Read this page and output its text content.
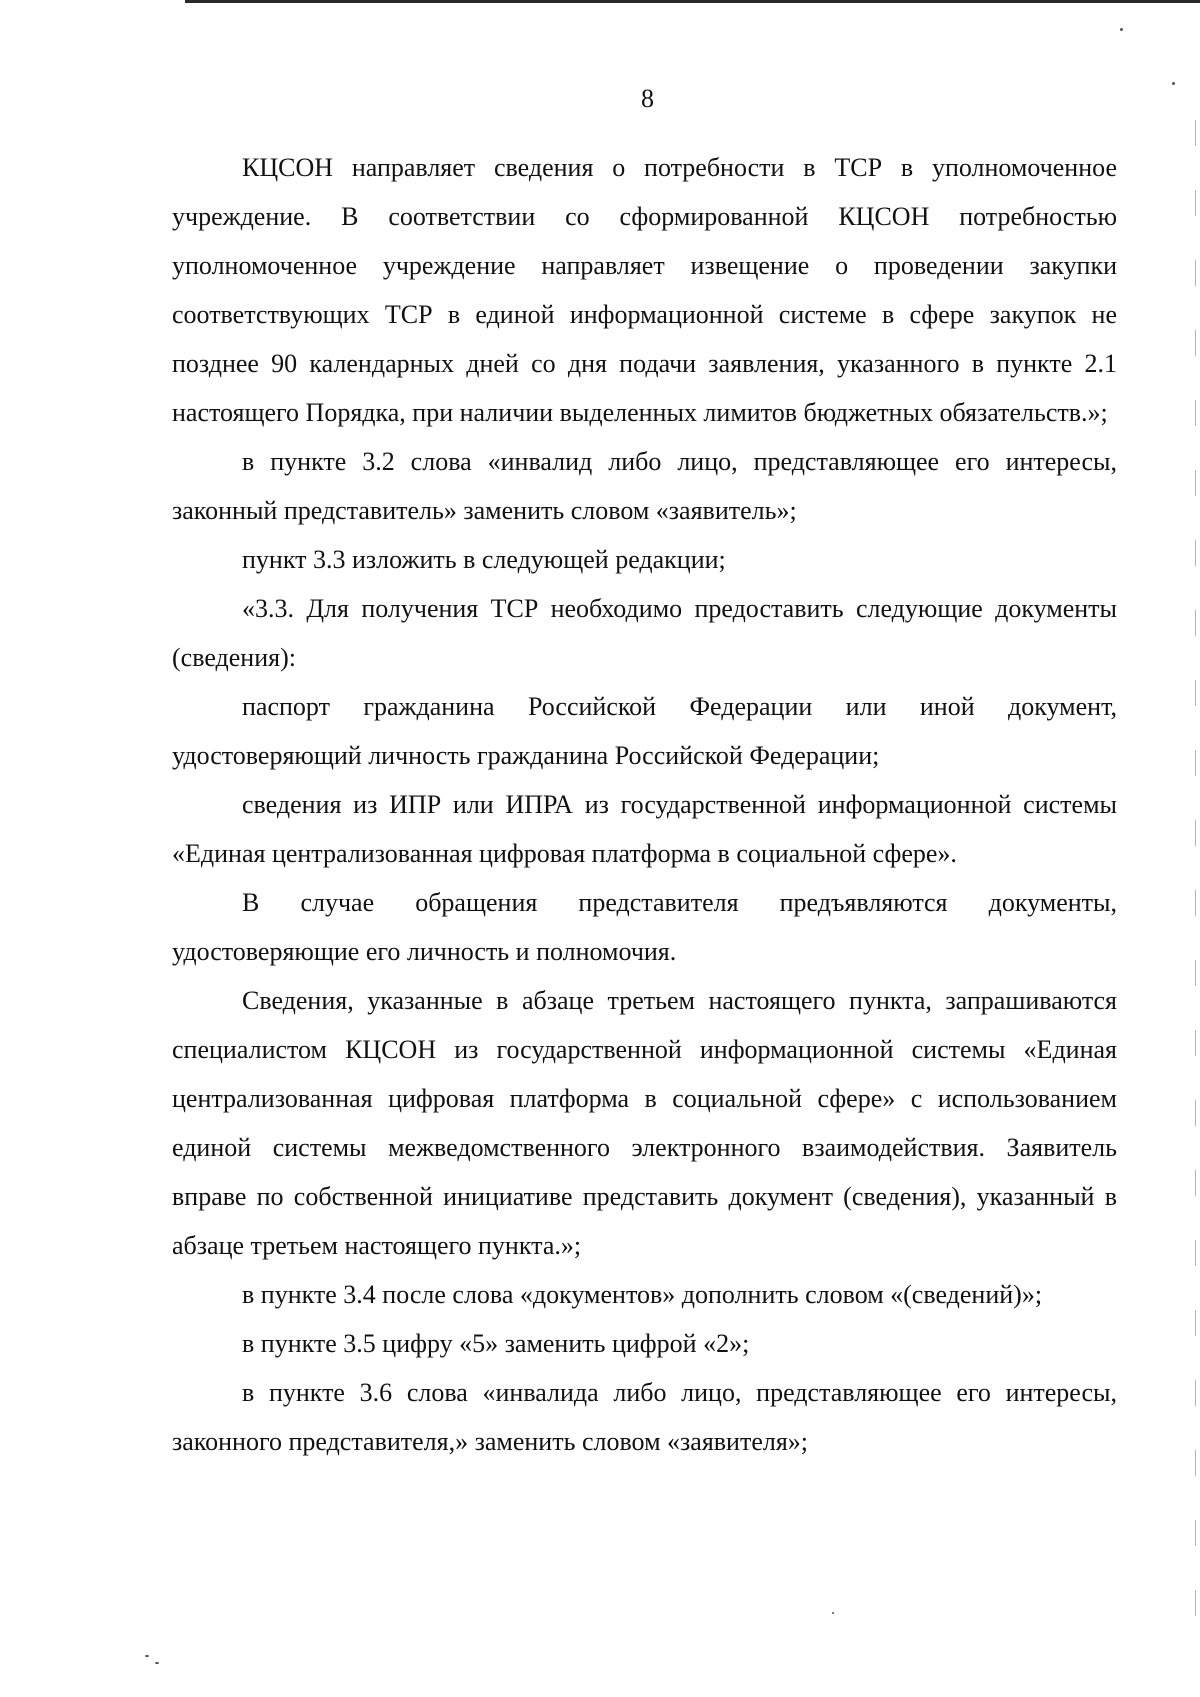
8

КЦСОН направляет сведения о потребности в ТСР в уполномоченное учреждение. В соответствии со сформированной КЦСОН потребностью уполномоченное учреждение направляет извещение о проведении закупки соответствующих ТСР в единой информационной системе в сфере закупок не позднее 90 календарных дней со дня подачи заявления, указанного в пункте 2.1 настоящего Порядка, при наличии выделенных лимитов бюджетных обязательств.»;

в пункте 3.2 слова «инвалид либо лицо, представляющее его интересы, законный представитель» заменить словом «заявитель»;

пункт 3.3 изложить в следующей редакции;

«3.3. Для получения ТСР необходимо предоставить следующие документы (сведения):

паспорт гражданина Российской Федерации или иной документ, удостоверяющий личность гражданина Российской Федерации;

сведения из ИПР или ИПРА из государственной информационной системы «Единая централизованная цифровая платформа в социальной сфере».

В случае обращения представителя предъявляются документы, удостоверяющие его личность и полномочия.

Сведения, указанные в абзаце третьем настоящего пункта, запрашиваются специалистом КЦСОН из государственной информационной системы «Единая централизованная цифровая платформа в социальной сфере» с использованием единой системы межведомственного электронного взаимодействия. Заявитель вправе по собственной инициативе представить документ (сведения), указанный в абзаце третьем настоящего пункта.»;

в пункте 3.4 после слова «документов» дополнить словом «(сведений)»;

в пункте 3.5 цифру «5» заменить цифрой «2»;

в пункте 3.6 слова «инвалида либо лицо, представляющее его интересы, законного представителя,» заменить словом «заявителя»;
